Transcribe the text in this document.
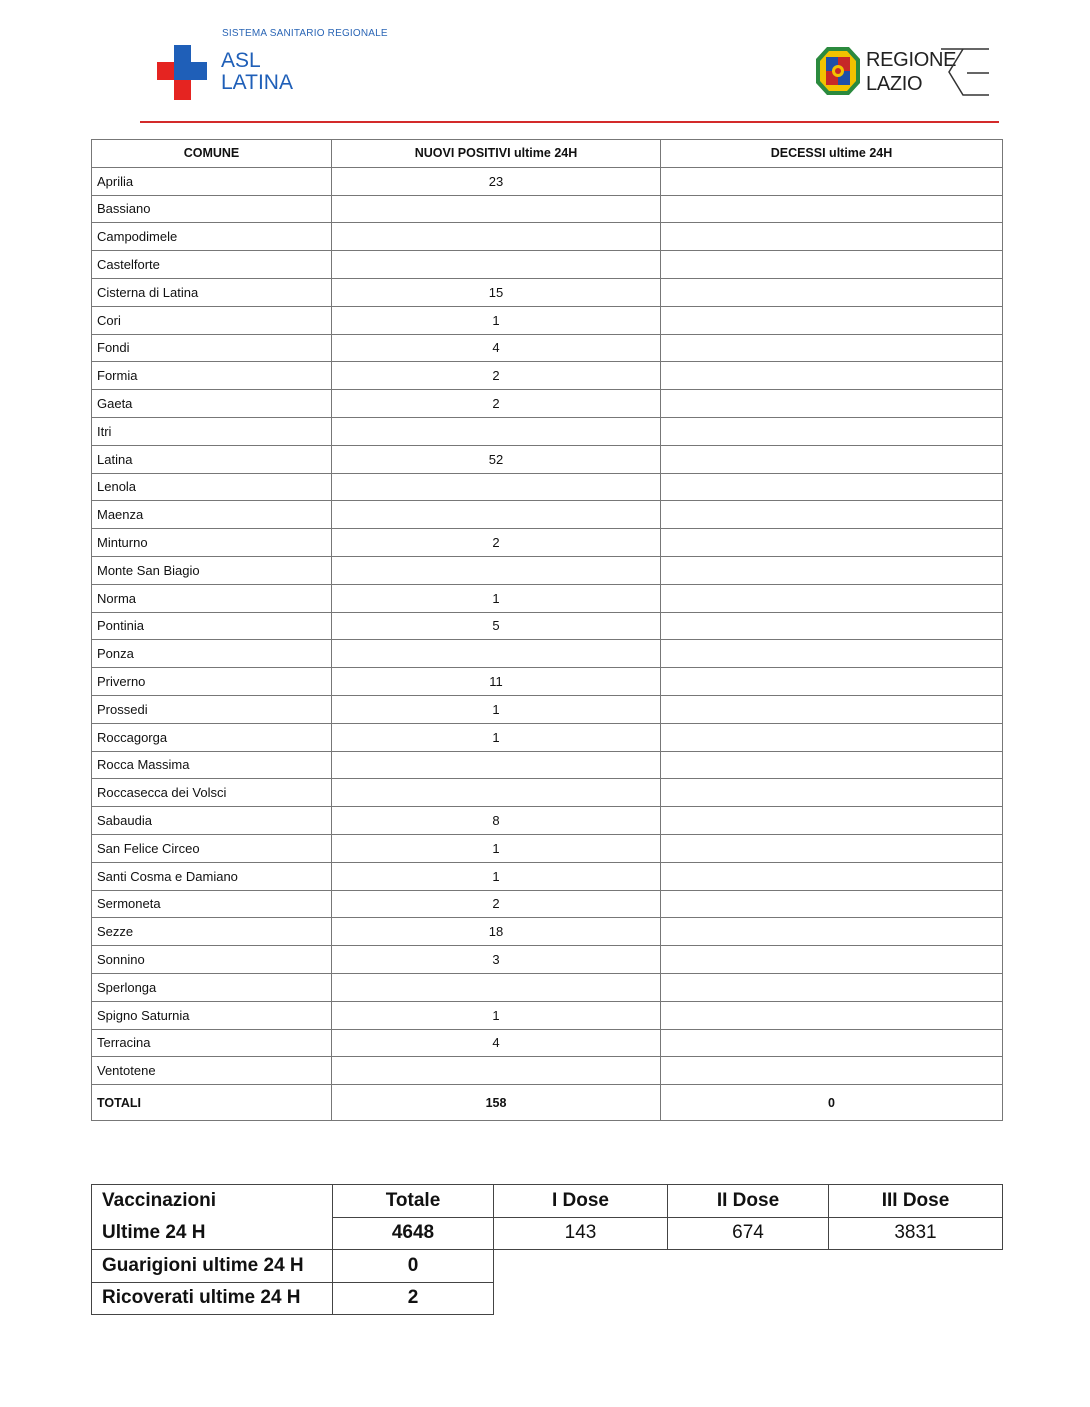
SISTEMA SANITARIO REGIONALE
ASL
LATINA
REGIONE
LAZIO
COMUNE	NUOVI POSITIVI ultime 24H	DECESSI ultime 24H
Aprilia	23	
Bassiano		
Campodimele		
Castelforte		
Cisterna di Latina	15	
Cori	1	
Fondi	4	
Formia	2	
Gaeta	2	
Itri		
Latina	52	
Lenola		
Maenza		
Minturno	2	
Monte San Biagio		
Norma	1	
Pontinia	5	
Ponza		
Priverno	11	
Prossedi	1	
Roccagorga	1	
Rocca Massima		
Roccasecca dei Volsci		
Sabaudia	8	
San Felice Circeo	1	
Santi Cosma e Damiano	1	
Sermoneta	2	
Sezze	18	
Sonnino	3	
Sperlonga		
Spigno Saturnia	1	
Terracina	4	
Ventotene		
TOTALI	158	0
Vaccinazioni	Totale	I Dose	II Dose	III Dose
Ultime 24 H	4648	143	674	3831
Guarigioni ultime 24 H	0			
Ricoverati ultime 24 H	2			
